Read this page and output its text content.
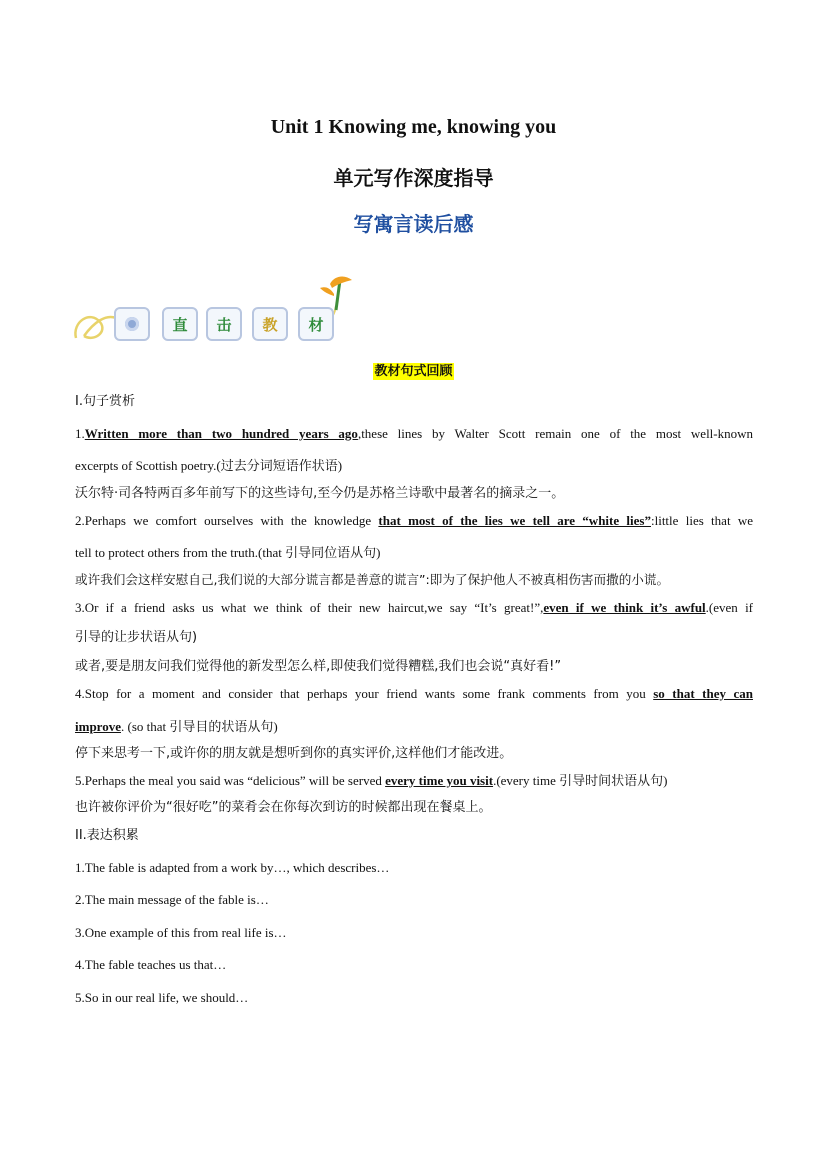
Unit 1 Knowing me, knowing you
单元写作深度指导
写寓言读后感
直	击	教	材
教材句式回顾
I.句子赏析
1.Written more than two hundred years ago,these lines by Walter Scott remain one of the most well-known
excerpts of Scottish poetry.(过去分词短语作状语)
沃尔特·司各特两百多年前写下的这些诗句,至今仍是苏格兰诗歌中最著名的摘录之一。
2.Perhaps we comfort ourselves with the knowledge that most of the lies we tell are “white lies”:little lies that we
tell to protect others from the truth.(that 引导同位语从句)
或许我们会这样安慰自己,我们说的大部分谎言都是善意的谎言”:即为了保护他人不被真相伤害而撒的小谎。
3.Or if a friend asks us what we think of their new haircut,we say “It’s great!”,even if we think it’s awful.(even if
引导的让步状语从句)
或者,要是朋友问我们觉得他的新发型怎么样,即使我们觉得糟糕,我们也会说“真好看!”
4.Stop for a moment and consider that perhaps your friend wants some frank comments from you so that they can
improve. (so that 引导目的状语从句)
停下来思考一下,或许你的朋友就是想听到你的真实评价,这样他们才能改进。
5.Perhaps the meal you said was “delicious” will be served every time you visit.(every time 引导时间状语从句)
也许被你评价为“很好吃”的菜肴会在你每次到访的时候都出现在餐桌上。
II.表达积累
1.The fable is adapted from a work by…, which describes…
2.The main message of the fable is…
3.One example of this from real life is…
4.The fable teaches us that…
5.So in our real life, we should…
